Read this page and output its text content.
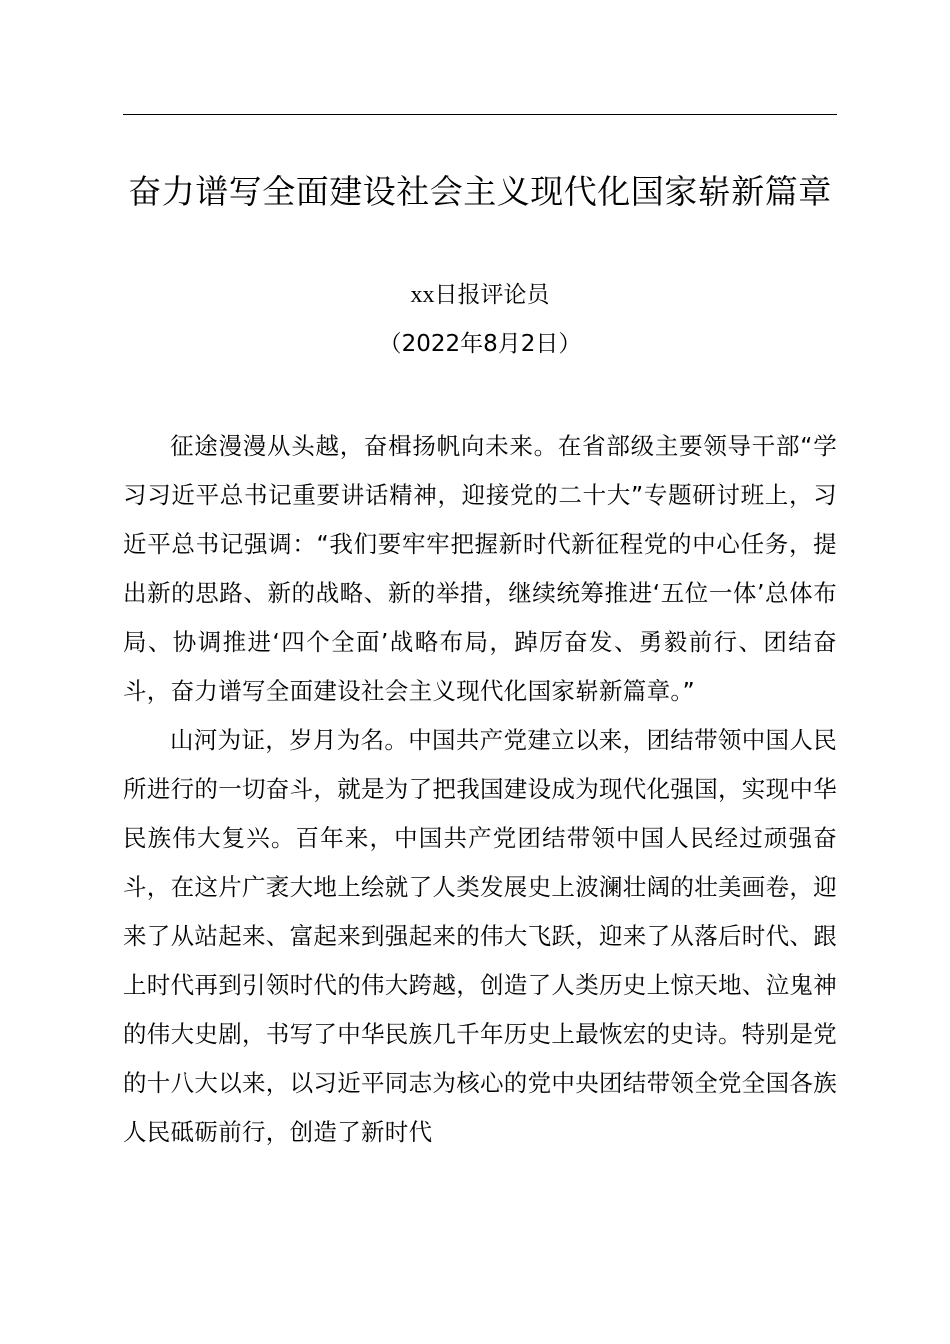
奋力谱写全面建设社会主义现代化国家崭新篇章
xx日报评论员
（2022年8月2日）

征途漫漫从头越，奋楫扬帆向未来。在省部级主要领导干部“学习习近平总书记重要讲话精神，迎接党的二十大”专题研讨班上，习近平总书记强调：“我们要牢牢把握新时代新征程党的中心任务，提出新的思路、新的战略、新的举措，继续统筹推进‘五位一体’总体布局、协调推进‘四个全面’战略布局，踔厉奋发、勇毅前行、团结奋斗，奋力谱写全面建设社会主义现代化国家崭新篇章。”

山河为证，岁月为名。中国共产党建立以来，团结带领中国人民所进行的一切奋斗，就是为了把我国建设成为现代化强国，实现中华民族伟大复兴。百年来，中国共产党团结带领中国人民经过顽强奋斗，在这片广袤大地上绘就了人类发展史上波澜壮阔的壮美画卷，迎来了从站起来、富起来到强起来的伟大飞跃，迎来了从落后时代、跟上时代再到引领时代的伟大跨越，创造了人类历史上惊天地、泣鬼神的伟大史剧，书写了中华民族几千年历史上最恢宏的史诗。特别是党的十八大以来，以习近平同志为核心的党中央团结带领全党全国各族人民砥砺前行，创造了新时代
